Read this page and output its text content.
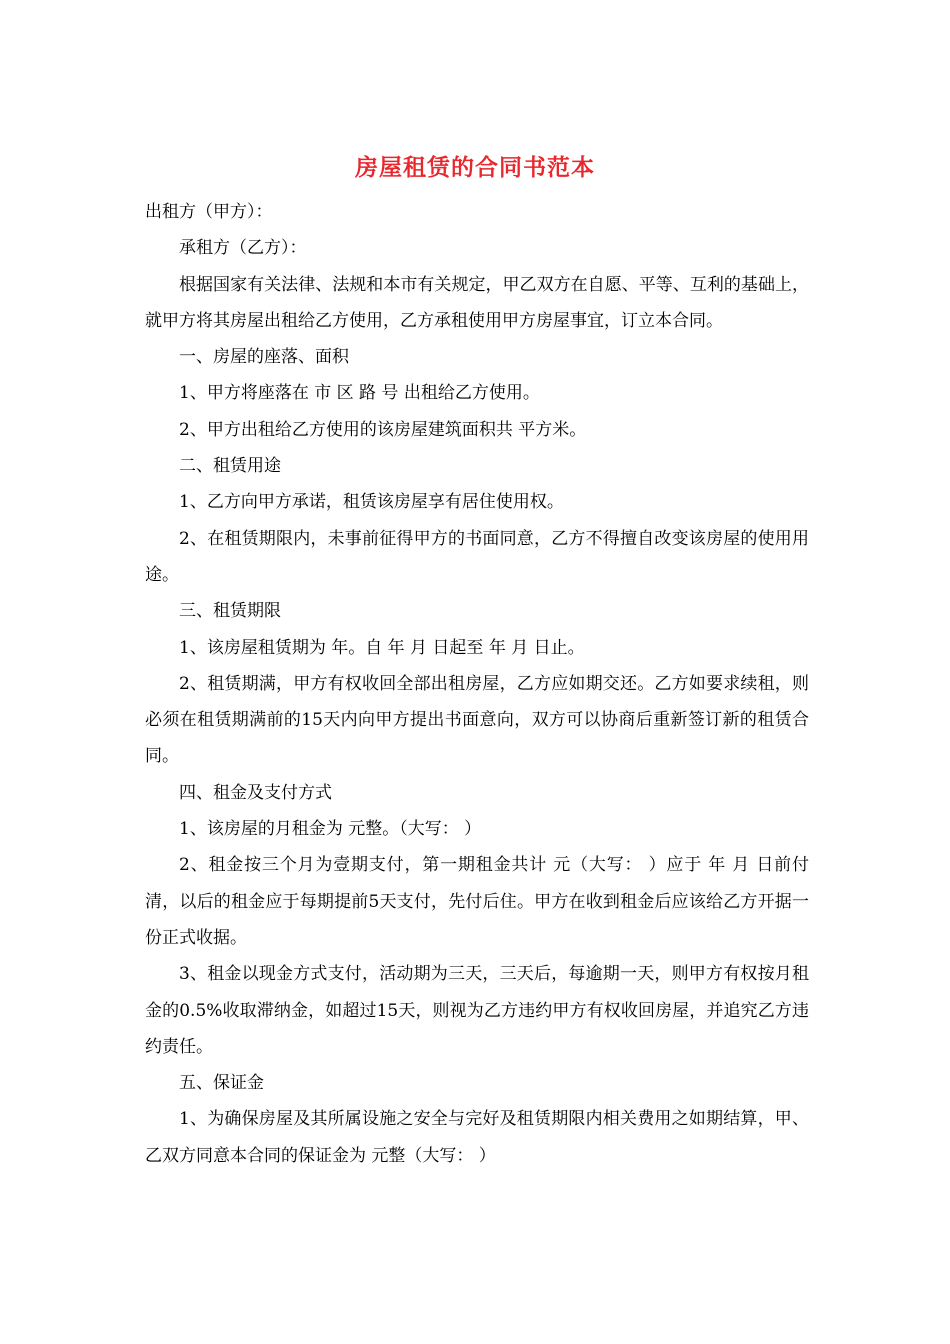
房屋租赁的合同书范本

出租方（甲方）：

承租方（乙方）：

根据国家有关法律、法规和本市有关规定，甲乙双方在自愿、平等、互利的基础上，就甲方将其房屋出租给乙方使用，乙方承租使用甲方房屋事宜，订立本合同。

一、房屋的座落、面积

1、甲方将座落在 市 区 路 号 出租给乙方使用。

2、甲方出租给乙方使用的该房屋建筑面积共 平方米。

二、租赁用途

1、乙方向甲方承诺，租赁该房屋享有居住使用权。

2、在租赁期限内，未事前征得甲方的书面同意，乙方不得擅自改变该房屋的使用用途。

三、租赁期限

1、该房屋租赁期为 年。自 年 月 日起至 年 月 日止。

2、租赁期满，甲方有权收回全部出租房屋，乙方应如期交还。乙方如要求续租，则必须在租赁期满前的15天内向甲方提出书面意向，双方可以协商后重新签订新的租赁合同。

四、租金及支付方式

1、该房屋的月租金为 元整。（大写： ）

2、租金按三个月为壹期支付，第一期租金共计 元（大写： ）应于 年 月 日前付清，以后的租金应于每期提前5天支付，先付后住。甲方在收到租金后应该给乙方开据一份正式收据。

3、租金以现金方式支付，活动期为三天，三天后，每逾期一天，则甲方有权按月租金的0.5%收取滞纳金，如超过15天，则视为乙方违约甲方有权收回房屋，并追究乙方违约责任。

五、保证金

1、为确保房屋及其所属设施之安全与完好及租赁期限内相关费用之如期结算，甲、乙双方同意本合同的保证金为 元整（大写： ）
